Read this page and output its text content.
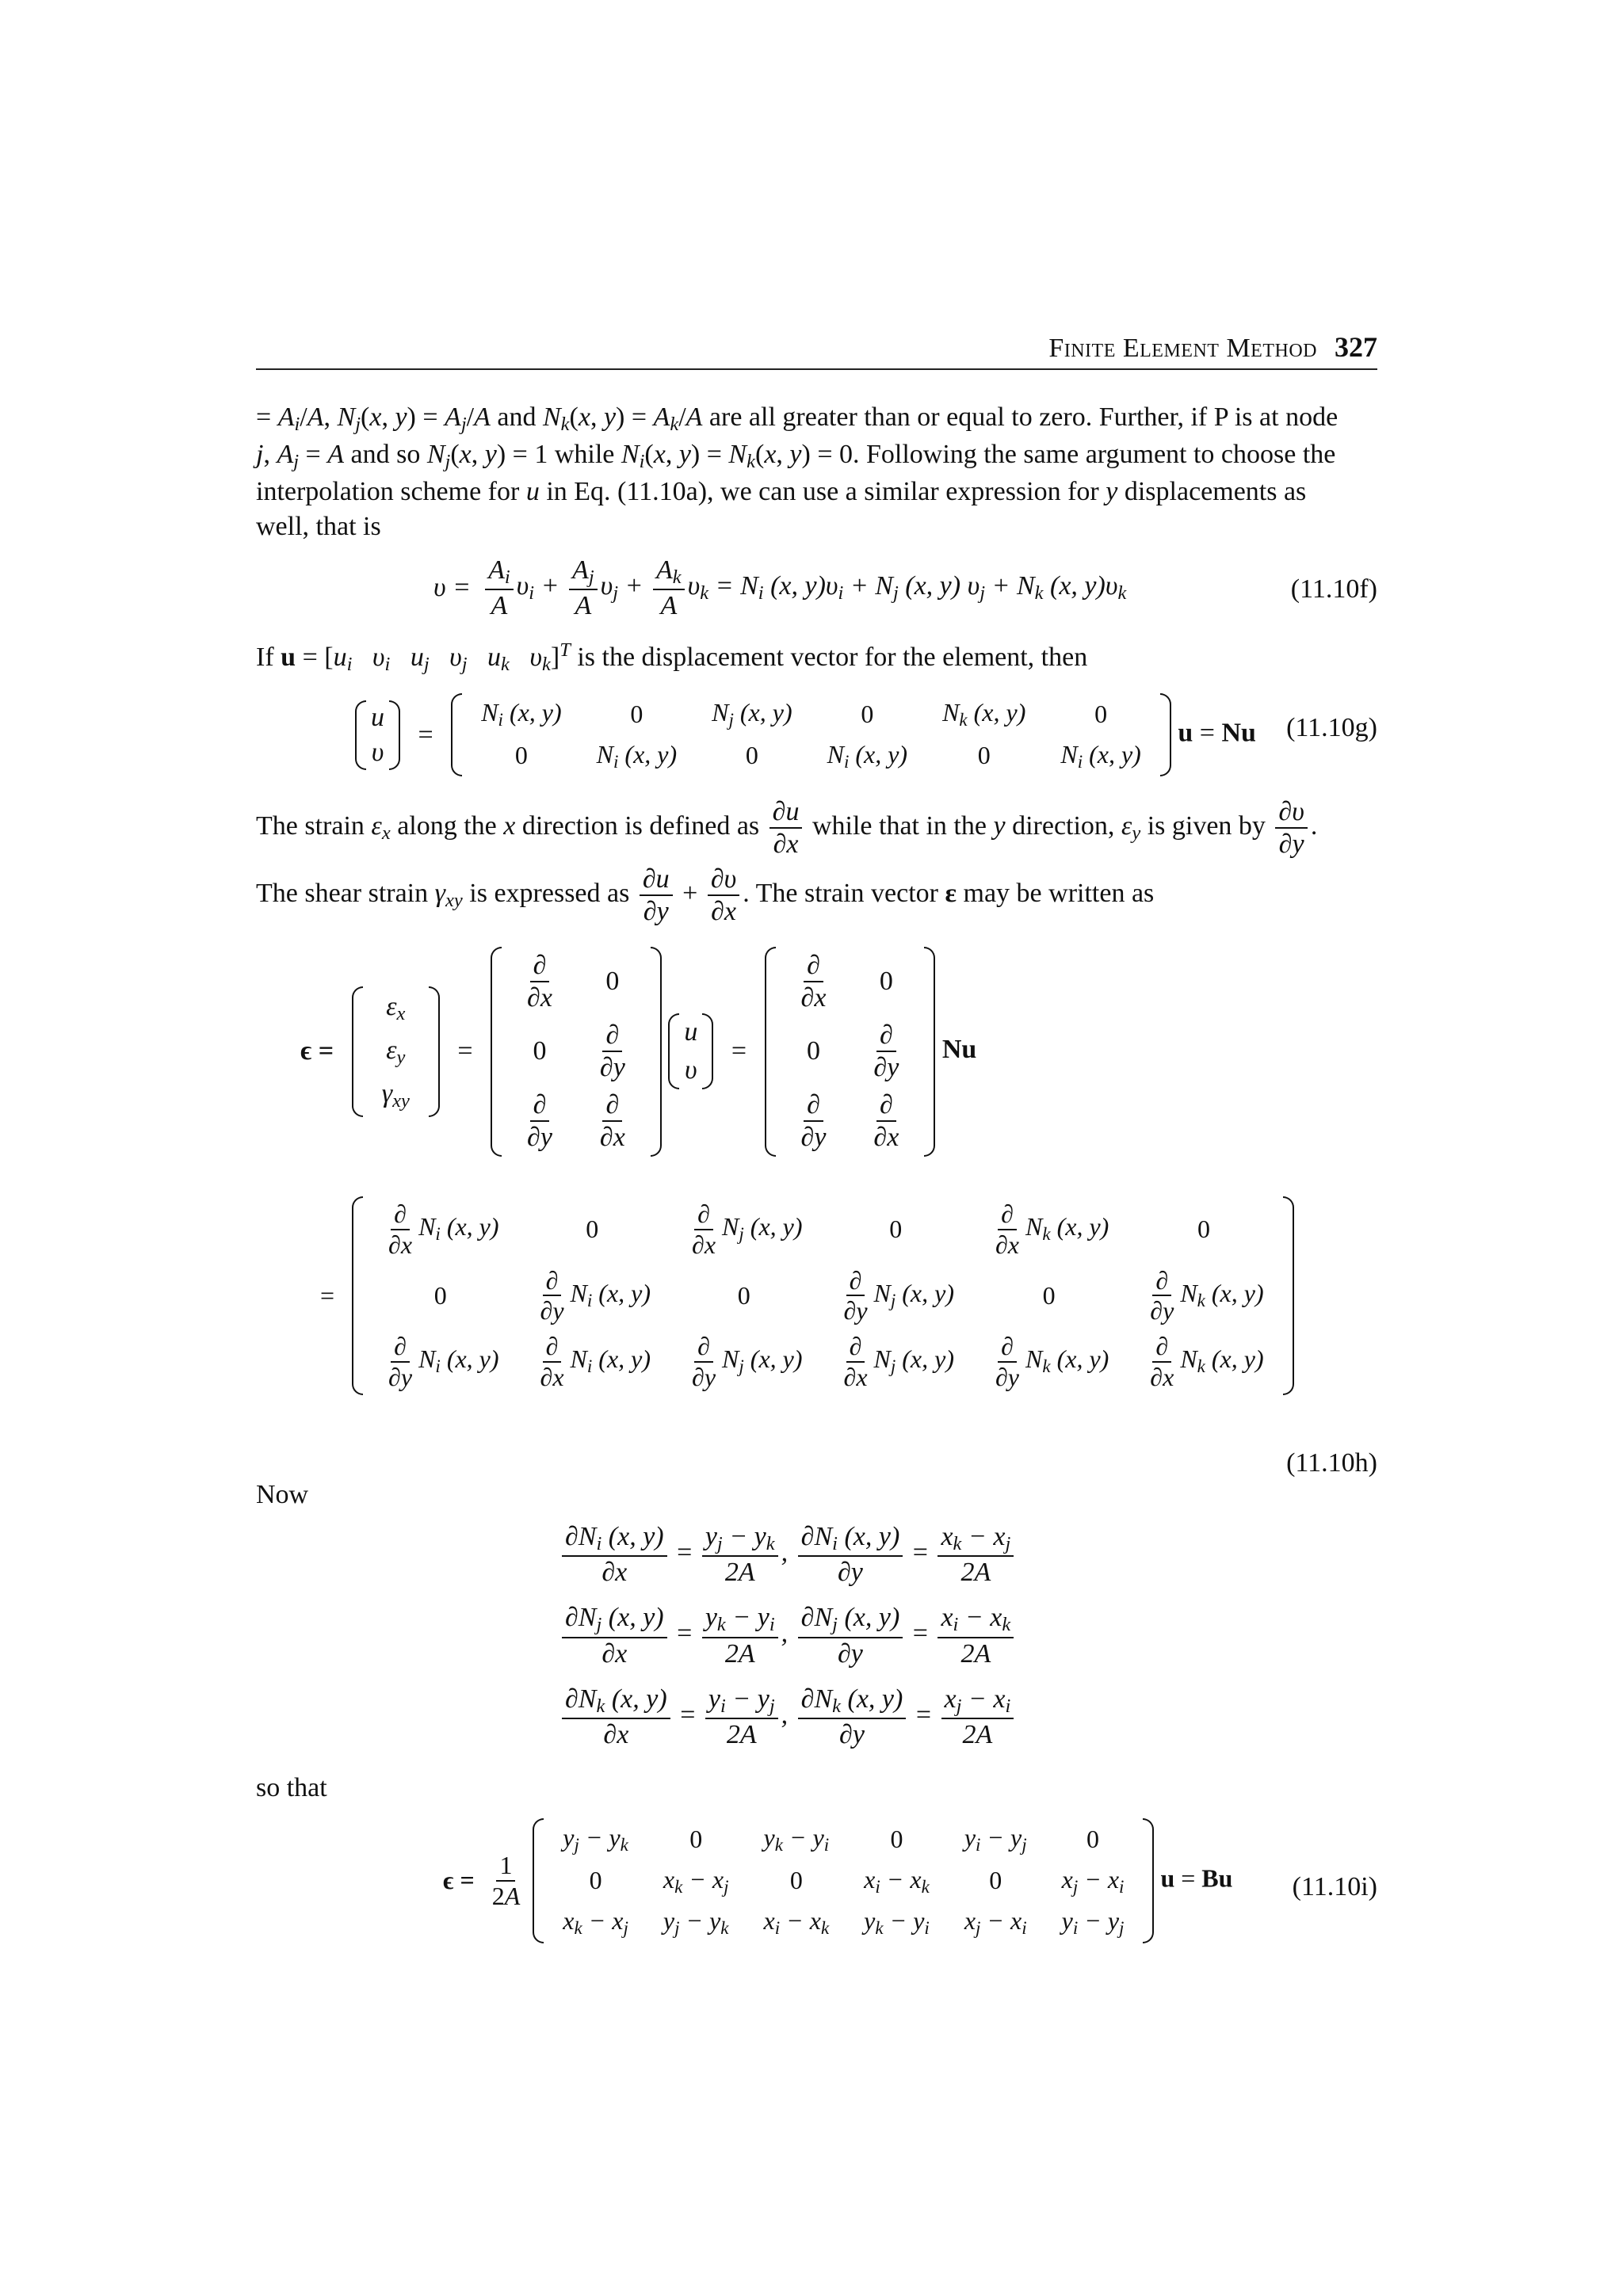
Finite Element Method 327
= $A_i/A$, $N_j(x$, $y) = A_j/A$ and $N_k(x$, $y) = A_k/A$ are all greater than or equal to zero. Further, if P is at node
j, $A_j = A$ and so $N_j(x$, y) = 1 while $N_i(x$, $y) = N_k(x$, y) = 0. Following the same argument to choose the
interpolation scheme for u in Eq. (11.10a), we can use a similar expression for y displacements as
well, that is
$\upsilon = \frac{A_i}{A} \upsilon_i + \frac{A_j}{A} \upsilon_j + \frac{A_k}{A} \upsilon_k = N_i$ (x, $y)\upsilon_i + N_j$ (x, y) $\upsilon_j + N_k$ (x, $y)\upsilon_k$	(11.10f)
If $u = [u_i$ $\upsilon_i$ $u_j$ $\upsilon_j$ $u_k$ $\upsilon_k]^T$ is the displacement vector for the element, then
u
υ
=
$N_i$ (x, y)	0	$N_j$ (x, y)	0	$N_k$ (x, y)	0
0	$N_i$ (x, y)	0	$N_i$ (x, y)	0	$N_i$ (x, y)
u = Nu (11.10g)
The strain $\varepsilon_x$ along the x direction is defined as $\frac{\partial u}{\partial x}$ while that in the y direction, $\varepsilon_y$ is given by $\frac{\partial\upsilon}{\partial y}$ .
The shear strain $\gamma_{xy}$ is expressed as $\frac{\partial u}{\partial y} + \frac{\partial\upsilon}{\partial x}$ . The strain vector ε may be written as
ϵ =
$\varepsilon_x$
$\varepsilon_y$
$\gamma_{xy}$
=
$\frac{\partial}{\partial x}$	0
0	$\frac{\partial}{\partial y}$

$\frac{\partial}{\partial y}$	$\frac{\partial}{\partial x}$

u
υ
=
$\frac{\partial}{\partial x}$	0
0	$\frac{\partial}{\partial y}$

$\frac{\partial}{\partial y}$	$\frac{\partial}{\partial x}$
Nu
=
$\frac{\partial}{\partial x} N_i$ (x, y)	0	$\frac{\partial}{\partial x} N_j$ (x, y)	0	$\frac{\partial}{\partial x} N_k$ (x, y)	0
0	$\frac{\partial}{\partial y} N_i$ (x, y)	0	$\frac{\partial}{\partial y} N_j$ (x, y)	0	$\frac{\partial}{\partial y} N_k$ (x, y)

$\frac{\partial}{\partial y} N_i$ (x, y)	$\frac{\partial}{\partial x} N_i$ (x, y)	$\frac{\partial}{\partial y} N_j$ (x, y)	$\frac{\partial}{\partial x} N_j$ (x, y)	$\frac{\partial}{\partial y} N_k$ (x, y)	$\frac{\partial}{\partial x} N_k$ (x, y)
(11.10h)
Now
$\frac{\partial N_i (x, y)}{\partial x} = \frac{y_j - y_k}{2A}$ , $\frac{\partial N_i (x, y)}{\partial y} = \frac{x_k - x_j}{2A}$
$\frac{\partial N_j (x, y)}{\partial x} = \frac{y_k - y_i}{2A}$ , $\frac{\partial N_j (x, y)}{\partial y} = \frac{x_i - x_k}{2A}$
$\frac{\partial N_k (x, y)}{\partial x} = \frac{y_i - y_j}{2A}$ , $\frac{\partial N_k (x, y)}{\partial y} = \frac{x_j - x_i}{2A}$
so that
$\epsilon = \frac{1}{2A}$

$y_j - y_k$	0	$y_k - y_i$	0	$y_i - y_j$	0
0	$x_k - x_j$	0	$x_i - x_k$	0	$x_j - x_i$
$x_k - x_j$	$y_j - y_k$	$x_i - x_k$	$y_k - y_i$	$x_j - x_i$	$y_i - y_j$
u = Bu	(11.10i)
